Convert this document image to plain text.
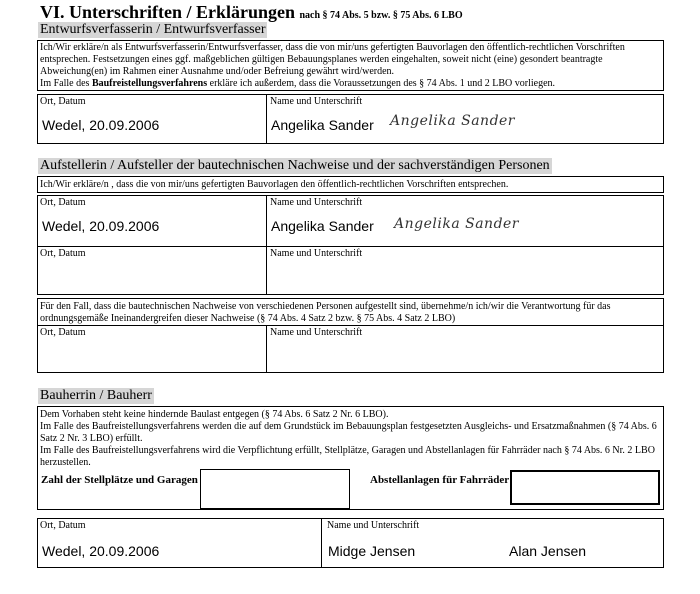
VI. Unterschriften / Erklärungen nach § 74 Abs. 5 bzw. § 75 Abs. 6 LBO
Entwurfsverfasserin / Entwurfsverfasser
Ich/Wir erkläre/n als Entwurfsverfasserin/Entwurfsverfasser, dass die von mir/uns gefertigten Bauvorlagen den öffentlich-rechtlichen Vorschriften entsprechen. Festsetzungen eines ggf. maßgeblichen gültigen Bebauungsplanes werden eingehalten, soweit nicht (eine) gesondert beantragte Abweichung(en) im Rahmen einer Ausnahme und/oder Befreiung gewährt wird/werden.
Im Falle des Baufreistellungsverfahrens erkläre ich außerdem, dass die Voraussetzungen des § 74 Abs. 1 und 2 LBO vorliegen.
Ort, Datum	Name und Unterschrift
Wedel, 20.09.2006	Angelika Sander Angelika Sander
Aufstellerin / Aufsteller der bautechnischen Nachweise und der sachverständigen Personen
Ich/Wir erkläre/n , dass die von mir/uns gefertigten Bauvorlagen den öffentlich-rechtlichen Vorschriften entsprechen.
Ort, Datum	Name und Unterschrift
Wedel, 20.09.2006	Angelika Sander Angelika Sander
Ort, Datum	Name und Unterschrift
Für den Fall, dass die bautechnischen Nachweise von verschiedenen Personen aufgestellt sind, übernehme/n ich/wir die Verantwortung für das ordnungsgemäße Ineinandergreifen dieser Nachweise (§ 74 Abs. 4 Satz 2 bzw. § 75 Abs. 4 Satz 2 LBO)
Ort, Datum	Name und Unterschrift
Bauherrin / Bauherr
Dem Vorhaben steht keine hindernde Baulast entgegen (§ 74 Abs. 6 Satz 2 Nr. 6 LBO).
Im Falle des Baufreistellungsverfahrens werden die auf dem Grundstück im Bebauungsplan festgesetzten Ausgleichs- und Ersatzmaßnahmen (§ 74 Abs. 6 Satz 2 Nr. 3 LBO) erfüllt.
Im Falle des Baufreistellungsverfahrens wird die Verpflichtung erfüllt, Stellplätze, Garagen und Abstellanlagen für Fahrräder nach § 74 Abs. 6 Nr. 2 LBO herzustellen.
Zahl der Stellplätze und Garagen	Abstellanlagen für Fahrräder
Ort, Datum	Name und Unterschrift
Wedel, 20.09.2006	Midge Jensen	Alan Jensen
